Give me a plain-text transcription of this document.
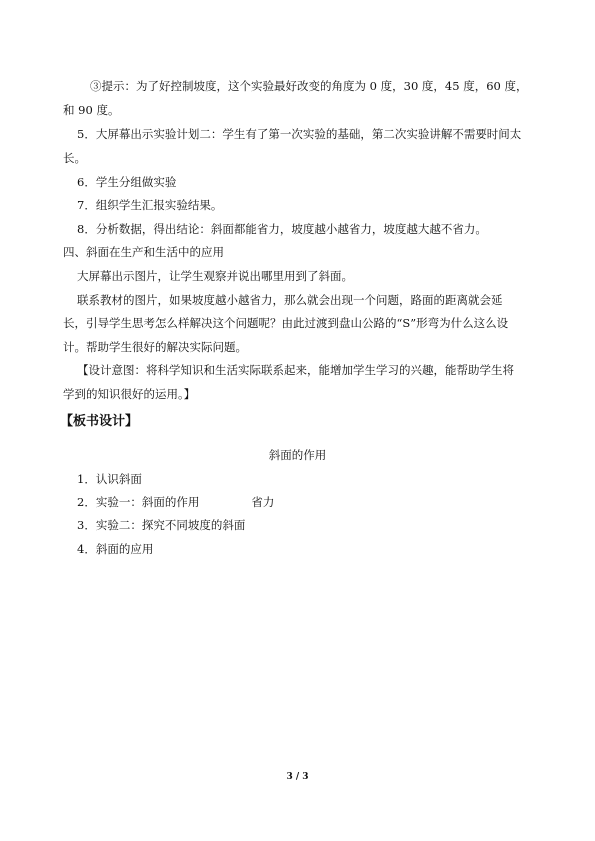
③提示：为了好控制坡度，这个实验最好改变的角度为 0 度，30 度，45 度，60 度，
和 90 度。
5．大屏幕出示实验计划二：学生有了第一次实验的基础，第二次实验讲解不需要时间太
长。
6．学生分组做实验
7．组织学生汇报实验结果。
8．分析数据，得出结论：斜面都能省力，坡度越小越省力，坡度越大越不省力。
四、斜面在生产和生活中的应用
大屏幕出示图片，让学生观察并说出哪里用到了斜面。
联系教材的图片，如果坡度越小越省力，那么就会出现一个问题，路面的距离就会延
长，引导学生思考怎么样解决这个问题呢？由此过渡到盘山公路的“S”形弯为什么这么设
计。帮助学生很好的解决实际问题。
【设计意图：将科学知识和生活实际联系起来，能增加学生学习的兴趣，能帮助学生将
学到的知识很好的运用。】
【板书设计】
斜面的作用
1．认识斜面
2．实验一：斜面的作用	省力
3．实验二：探究不同坡度的斜面
4．斜面的应用
3 / 3
